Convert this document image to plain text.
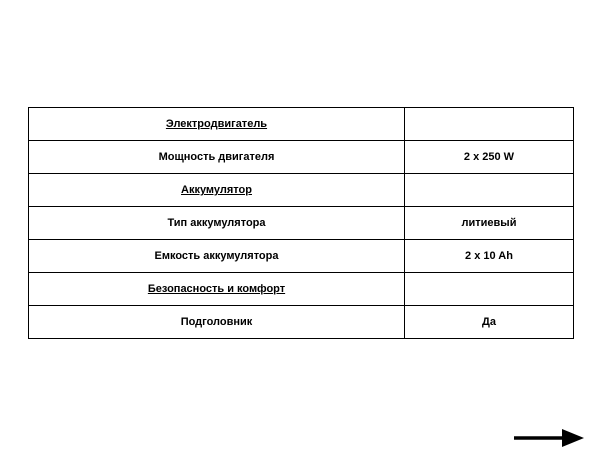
Электродвигатель	
Мощность двигателя	2 x 250 W
Аккумулятор	
Тип аккумулятора	литиевый
Емкость аккумулятора	2 x 10 Ah
Безопасность и комфорт	
Подголовник	Да
